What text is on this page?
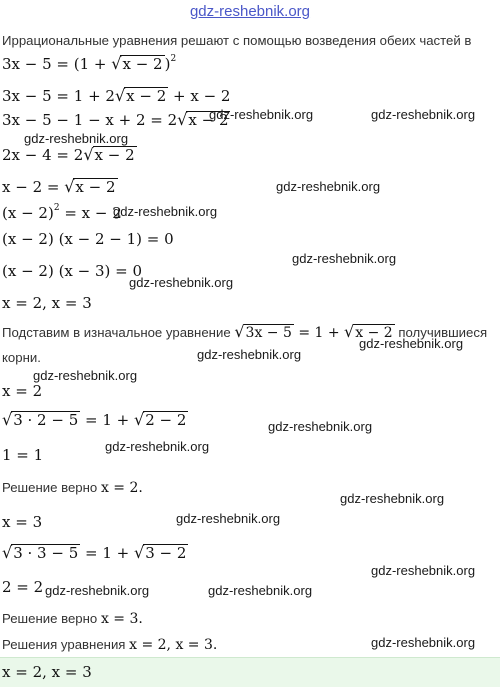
gdz-reshebnik.org
Иррациональные уравнения решают с помощью возведения обеих частей в
3x − 5 = (1 + √x − 2 )$^2$
3x − 5 = 1 + 2√x − 2 + x − 2
3x − 5 − 1 − x + 2 = 2√x − 2
2x − 4 = 2√x − 2
x − 2 = √x − 2
$(x - 2)^2 = x - 2$
(x − 2) (x − 2 − 1) = 0
(x − 2) (x − 3) = 0
x = 2, x = 3
Подставим в изначальное уравнение √3x − 5 = 1 + √x − 2 получившиеся
корни.
x = 2
√3 · 2 − 5 = 1 + √2 − 2
1 = 1
Решение верно x = 2.
x = 3
√3 · 3 − 5 = 1 + √3 − 2
2 = 2
Решение верно x = 3.
Решения уравнения x = 2, x = 3.
x = 2, x = 3
gdz-reshebnik.org	gdz-reshebnik.org
gdz-reshebnik.org
gdz-reshebnik.org
gdz-reshebnik.org
gdz-reshebnik.org
gdz-reshebnik.org
gdz-reshebnik.org
gdz-reshebnik.org
gdz-reshebnik.org
gdz-reshebnik.org
gdz-reshebnik.org
gdz-reshebnik.org
gdz-reshebnik.org
gdz-reshebnik.org
gdz-reshebnik.org	gdz-reshebnik.org
gdz-reshebnik.org
